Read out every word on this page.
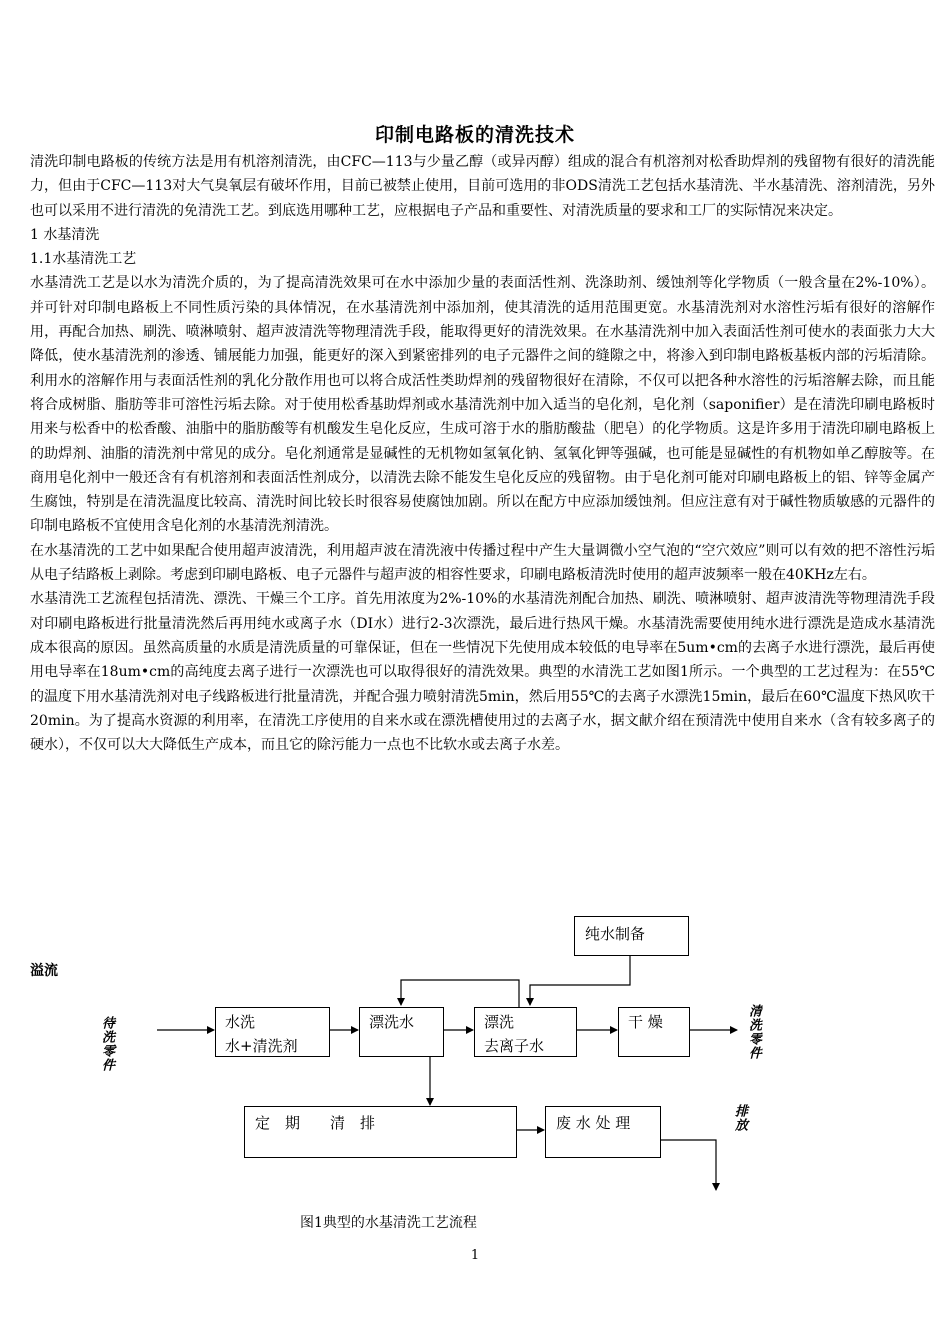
印制电路板的清洗技术

清洗印制电路板的传统方法是用有机溶剂清洗，由CFC—113与少量乙醇（或异丙醇）组成的混合有机溶剂对松香助焊剂的残留物有很好的清洗能力，但由于CFC—113对大气臭氧层有破坏作用，目前已被禁止使用，目前可选用的非ODS清洗工艺包括水基清洗、半水基清洗、溶剂清洗，另外也可以采用不进行清洗的免清洗工艺。到底选用哪种工艺，应根据电子产品和重要性、对清洗质量的要求和工厂的实际情况来决定。

1 水基清洗

1.1水基清洗工艺

水基清洗工艺是以水为清洗介质的，为了提高清洗效果可在水中添加少量的表面活性剂、洗涤助剂、缓蚀剂等化学物质（一般含量在2%-10%）。并可针对印制电路板上不同性质污染的具体情况，在水基清洗剂中添加剂，使其清洗的适用范围更宽。水基清洗剂对水溶性污垢有很好的溶解作用，再配合加热、刷洗、喷淋喷射、超声波清洗等物理清洗手段，能取得更好的清洗效果。在水基清洗剂中加入表面活性剂可使水的表面张力大大降低，使水基清洗剂的渗透、铺展能力加强，能更好的深入到紧密排列的电子元器件之间的缝隙之中，将渗入到印制电路板基板内部的污垢清除。利用水的溶解作用与表面活性剂的乳化分散作用也可以将合成活性类助焊剂的残留物很好在清除，不仅可以把各种水溶性的污垢溶解去除，而且能将合成树脂、脂肪等非可溶性污垢去除。对于使用松香基助焊剂或水基清洗剂中加入适当的皂化剂，皂化剂（saponifier）是在清洗印刷电路板时用来与松香中的松香酸、油脂中的脂肪酸等有机酸发生皂化反应，生成可溶于水的脂肪酸盐（肥皂）的化学物质。这是许多用于清洗印刷电路板上的助焊剂、油脂的清洗剂中常见的成分。皂化剂通常是显碱性的无机物如氢氧化钠、氢氧化钾等强碱，也可能是显碱性的有机物如单乙醇胺等。在商用皂化剂中一般还含有有机溶剂和表面活性剂成分，以清洗去除不能发生皂化反应的残留物。由于皂化剂可能对印刷电路板上的铝、锌等金属产生腐蚀，特别是在清洗温度比较高、清洗时间比较长时很容易使腐蚀加剧。所以在配方中应添加缓蚀剂。但应注意有对于碱性物质敏感的元器件的印制电路板不宜使用含皂化剂的水基清洗剂清洗。

在水基清洗的工艺中如果配合使用超声波清洗，利用超声波在清洗液中传播过程中产生大量调微小空气泡的“空穴效应”则可以有效的把不溶性污垢从电子结路板上剥除。考虑到印刷电路板、电子元器件与超声波的相容性要求，印刷电路板清洗时使用的超声波频率一般在40KHz左右。

水基清洗工艺流程包括清洗、漂洗、干燥三个工序。首先用浓度为2%-10%的水基清洗剂配合加热、刷洗、喷淋喷射、超声波清洗等物理清洗手段对印刷电路板进行批量清洗然后再用纯水或离子水（DI水）进行2-3次漂洗，最后进行热风干燥。水基清洗需要使用纯水进行漂洗是造成水基清洗成本很高的原因。虽然高质量的水质是清洗质量的可靠保证，但在一些情况下先使用成本较低的电导率在5um•cm的去离子水进行漂洗，最后再使用电导率在18um•cm的高纯度去离子进行一次漂洗也可以取得很好的清洗效果。典型的水清洗工艺如图1所示。一个典型的工艺过程为：在55℃的温度下用水基清洗剂对电子线路板进行批量清洗，并配合强力喷射清洗5min，然后用55℃的去离子水漂洗15min，最后在60℃温度下热风吹干20min。为了提高水资源的利用率，在清洗工序使用的自来水或在漂洗槽使用过的去离子水，据文献介绍在预清洗中使用自来水（含有较多离子的硬水），不仅可以大大降低生产成本，而且它的除污能力一点也不比软水或去离子水差。

溢流
待洗零件	清洗零件
排放
纯水制备
水洗
水+清洗剂
漂洗水	漂洗
去离子水
干 燥
定　期　　清　排	废 水 处 理
图1典型的水基清洗工艺流程
1
